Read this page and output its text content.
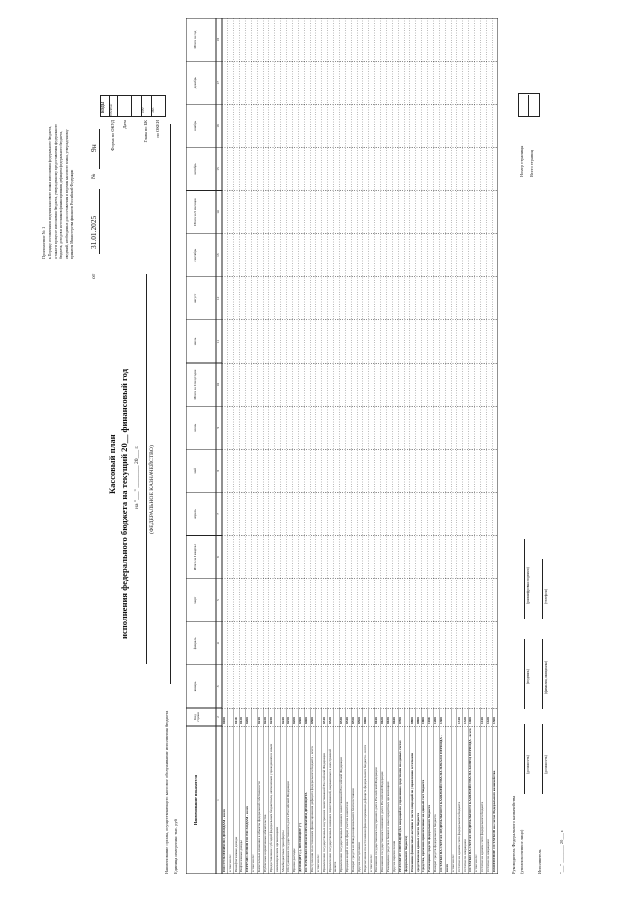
Приложение № 1 к Порядку составления и ведения кассового плана исполнения федерального бюджета, а также в процессе исполнения бюджета, утвержденному предоставления федерального бюджета, доходов и источников финансирования дефицита федерального бюджета, сведений, необходимых для составления и ведения кассового плана, утвержденному приказом Министерства финансов Российской Федерации
от
31.01.2025
№
9н
Кассовый план исполнения федерального бюджета на текущий 20__ финансовый год на "___" ________ 20___ г. (ФЕДЕРАЛЬНОЕ КАЗНАЧЕЙСТВО)
КОДЫ 0501047
Форма по ОКУД Дата
100
Глава по БК
383
по ОКЕИ
Наименование органа, осуществляющего кассовое обслуживание исполнения бюджета Единица измерения: тыс. руб
Наименование показателя
Код строки
январь
февраль
март
Итого за I квартал
апрель
май
июнь
Итого за I полугодие
июль
август
сентябрь
Итого за 9 месяцев
октябрь
ноябрь
декабрь
Итого за год
1
2
3
4
5
6
7
8
9
10
11
12
13
14
15
16
17
18
ПОСТУПЛЕНИЯ ПО ДОХОДАМ - всего
0100
в том числе: Ненефтегазовые доходы
0110
Нефтегазовые доходы
0120
ПЕРЕЧИСЛЕНИЯ ПО РАСХОДАМ - всего
0200
в том числе: Капитальные вложения в объекты федеральной собственности
0210
Публичные нормативные обязательства
0220
Предоставление субсидий федеральным бюджетным, автономным учреждениям и иным
0230
некоммерческим организациям Межбюджетные трансферты
0240
Обслуживание государственного долга Российской Федерации
0250
Прочие расходы
0260
ДЕФИЦИТ (-), ПРОФИЦИТ (+)
0300
ИСТОЧНИКИ ФИНАНСИРОВАНИЯ ДЕФИЦИТА
0400
Поступления по источникам финансирования дефицита федерального бюджета - всего
0500
в том числе: Привлечение государственных внутренних заимствований Российской Федерации
0510
Привлечение государственных внешних заимствований, выраженных в иностранной
0520
валюте Привлечение государственных внешних заимствований Российской Федерации
0530
Продажа акций и иных форм участия в капитале
0540
Возврат средств из Фонда национального благосостояния
0550
Другие поступления
0560
Перечисления по источникам финансирования дефицита федерального бюджета - всего
0600
в том числе: Погашение государственного внутреннего долга Российской Федерации
0610
Погашение государственного внешнего долга Российской Федерации
0620
Размещение средств в банках и иных кредитных организациях
0630
Другие перечисления
0640
РЕЗУЛЬТАТ ОПЕРАЦИЙ (без операций по управлению средствами на единых счетах
0700
федерального бюджета) Изменение финансовых активов в части операций по управлению остатками
0800
средствами на единых счетах бюджета
0900
Средства, временно привлеченные на единый счет бюджета
1000
Размещение средств федерального бюджета
1100
Возврат средств федерального бюджета
1200
ОСТАТКИ НА СЧЕТАХ ФЕДЕРАЛЬНОГО КАЗНАЧЕЙСТВА НА НАЧАЛО ПЕРИОДА -
1300
всего в том числе: Остатки на едином счете федерального бюджета
1310
Остатки по операциям
1320
ОСТАТКИ НА СЧЕТАХ ФЕДЕРАЛЬНОГО КАЗНАЧЕЙСТВА НА КОНЕЦ ПЕРИОДА - всего
1400
в том числе: Остатки на едином счете федерального бюджета
1410
Остатки по операциям
1420
ИЗМЕНЕНИЕ ОСТАТКОВ на счетах Федерального казначейства
1500
Руководитель Федерального казначейства (уполномоченное лицо)
(должность)
(подпись)
(расшифровка подписи)
Исполнитель
(должность)
(фамилия, инициалы)
(телефон)
"___" ________ 20___ г.
Номер страницы Всего страниц
